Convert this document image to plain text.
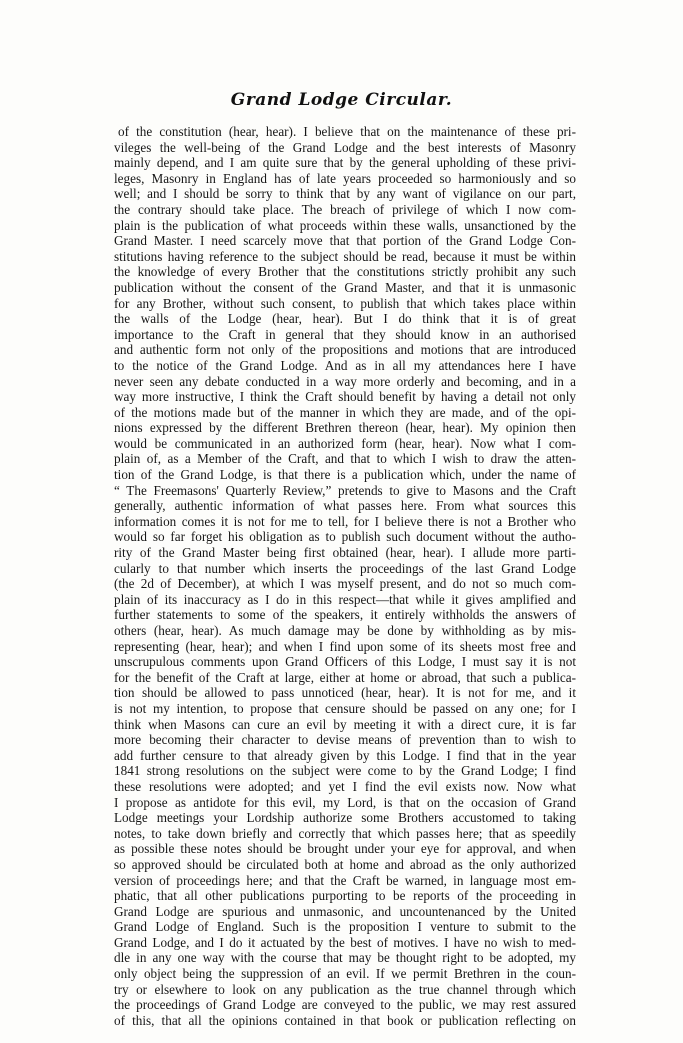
Grand Lodge Circular.
of the constitution (hear, hear). I believe that on the maintenance of these pri-
vileges the well-being of the Grand Lodge and the best interests of Masonry
mainly depend, and I am quite sure that by the general upholding of these privi-
leges, Masonry in England has of late years proceeded so harmoniously and so
well; and I should be sorry to think that by any want of vigilance on our part,
the contrary should take place. The breach of privilege of which I now com-
plain is the publication of what proceeds within these walls, unsanctioned by the
Grand Master. I need scarcely move that that portion of the Grand Lodge Con-
stitutions having reference to the subject should be read, because it must be within
the knowledge of every Brother that the constitutions strictly prohibit any such
publication without the consent of the Grand Master, and that it is unmasonic
for any Brother, without such consent, to publish that which takes place within
the walls of the Lodge (hear, hear). But I do think that it is of great
importance to the Craft in general that they should know in an authorised
and authentic form not only of the propositions and motions that are introduced
to the notice of the Grand Lodge. And as in all my attendances here I have
never seen any debate conducted in a way more orderly and becoming, and in a
way more instructive, I think the Craft should benefit by having a detail not only
of the motions made but of the manner in which they are made, and of the opi-
nions expressed by the different Brethren thereon (hear, hear). My opinion then
would be communicated in an authorized form (hear, hear). Now what I com-
plain of, as a Member of the Craft, and that to which I wish to draw the atten-
tion of the Grand Lodge, is that there is a publication which, under the name of
“ The Freemasons' Quarterly Review,” pretends to give to Masons and the Craft
generally, authentic information of what passes here. From what sources this
information comes it is not for me to tell, for I believe there is not a Brother who
would so far forget his obligation as to publish such document without the autho-
rity of the Grand Master being first obtained (hear, hear). I allude more parti-
cularly to that number which inserts the proceedings of the last Grand Lodge
(the 2d of December), at which I was myself present, and do not so much com-
plain of its inaccuracy as I do in this respect—that while it gives amplified and
further statements to some of the speakers, it entirely withholds the answers of
others (hear, hear). As much damage may be done by withholding as by mis-
representing (hear, hear); and when I find upon some of its sheets most free and
unscrupulous comments upon Grand Officers of this Lodge, I must say it is not
for the benefit of the Craft at large, either at home or abroad, that such a publica-
tion should be allowed to pass unnoticed (hear, hear). It is not for me, and it
is not my intention, to propose that censure should be passed on any one; for I
think when Masons can cure an evil by meeting it with a direct cure, it is far
more becoming their character to devise means of prevention than to wish to
add further censure to that already given by this Lodge. I find that in the year
1841 strong resolutions on the subject were come to by the Grand Lodge; I find
these resolutions were adopted; and yet I find the evil exists now. Now what
I propose as antidote for this evil, my Lord, is that on the occasion of Grand
Lodge meetings your Lordship authorize some Brothers accustomed to taking
notes, to take down briefly and correctly that which passes here; that as speedily
as possible these notes should be brought under your eye for approval, and when
so approved should be circulated both at home and abroad as the only authorized
version of proceedings here; and that the Craft be warned, in language most em-
phatic, that all other publications purporting to be reports of the proceeding in
Grand Lodge are spurious and unmasonic, and uncountenanced by the United
Grand Lodge of England. Such is the proposition I venture to submit to the
Grand Lodge, and I do it actuated by the best of motives. I have no wish to med-
dle in any one way with the course that may be thought right to be adopted, my
only object being the suppression of an evil. If we permit Brethren in the coun-
try or elsewhere to look on any publication as the true channel through which
the proceedings of Grand Lodge are conveyed to the public, we may rest assured
of this, that all the opinions contained in that book or publication reflecting on
